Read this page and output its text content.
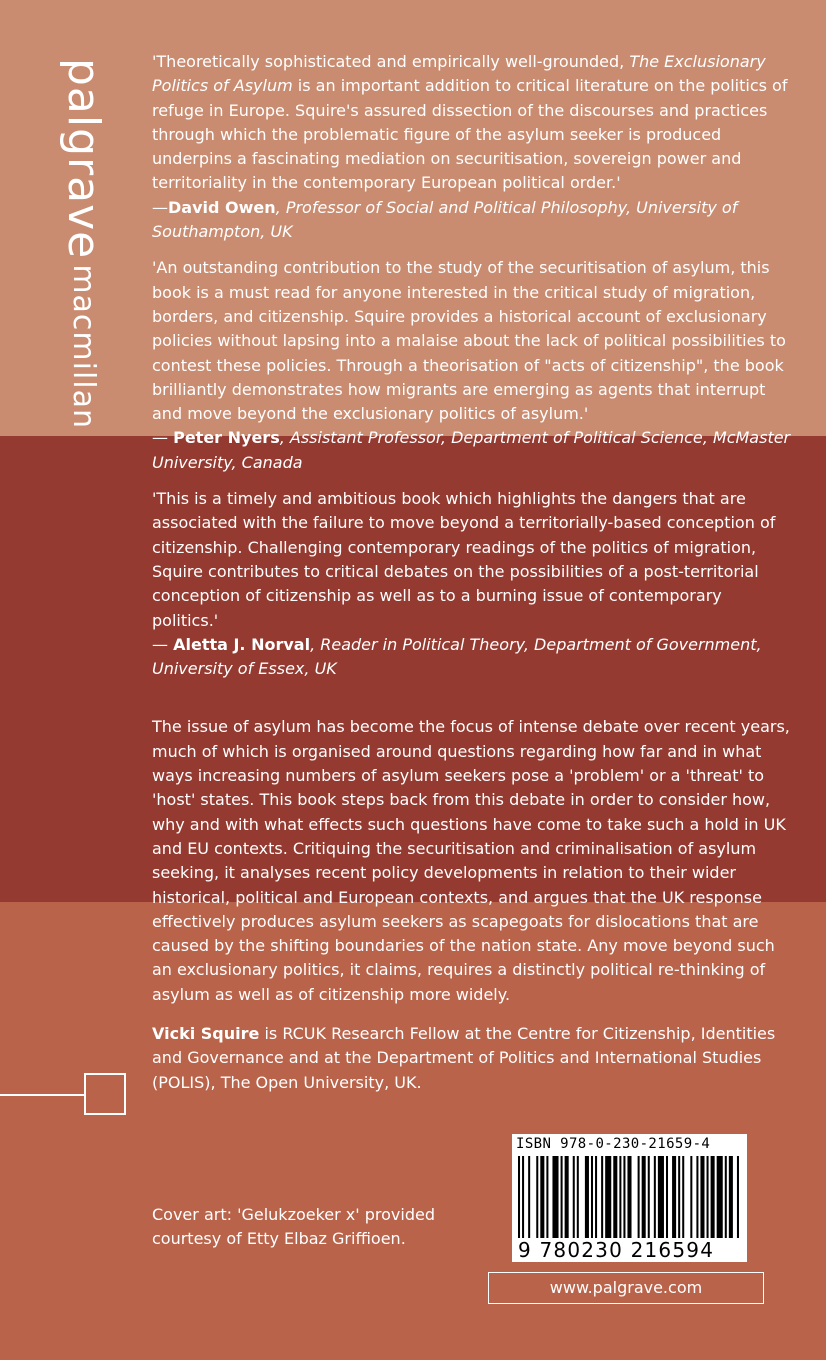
palgrave macmillan

'Theoretically sophisticated and empirically well-grounded, The Exclusionary Politics of Asylum is an important addition to critical literature on the politics of refuge in Europe. Squire's assured dissection of the discourses and practices through which the problematic figure of the asylum seeker is produced underpins a fascinating mediation on securitisation, sovereign power and territoriality in the contemporary European political order.'
—David Owen, Professor of Social and Political Philosophy, University of Southampton, UK

'An outstanding contribution to the study of the securitisation of asylum, this book is a must read for anyone interested in the critical study of migration, borders, and citizenship. Squire provides a historical account of exclusionary policies without lapsing into a malaise about the lack of political possibilities to contest these policies. Through a theorisation of "acts of citizenship", the book brilliantly demonstrates how migrants are emerging as agents that interrupt and move beyond the exclusionary politics of asylum.'
— Peter Nyers, Assistant Professor, Department of Political Science, McMaster University, Canada

'This is a timely and ambitious book which highlights the dangers that are associated with the failure to move beyond a territorially-based conception of citizenship. Challenging contemporary readings of the politics of migration, Squire contributes to critical debates on the possibilities of a post-territorial conception of citizenship as well as to a burning issue of contemporary politics.'
— Aletta J. Norval, Reader in Political Theory, Department of Government, University of Essex, UK

The issue of asylum has become the focus of intense debate over recent years, much of which is organised around questions regarding how far and in what ways increasing numbers of asylum seekers pose a 'problem' or a 'threat' to 'host' states. This book steps back from this debate in order to consider how, why and with what effects such questions have come to take such a hold in UK and EU contexts. Critiquing the securitisation and criminalisation of asylum seeking, it analyses recent policy developments in relation to their wider historical, political and European contexts, and argues that the UK response effectively produces asylum seekers as scapegoats for dislocations that are caused by the shifting boundaries of the nation state. Any move beyond such an exclusionary politics, it claims, requires a distinctly political re-thinking of asylum as well as of citizenship more widely.

Vicki Squire is RCUK Research Fellow at the Centre for Citizenship, Identities and Governance and at the Department of Politics and International Studies (POLIS), The Open University, UK.

Cover art: 'Gelukzoeker x' provided courtesy of Etty Elbaz Griffioen.
ISBN 978-0-230-21659-4
9 780230 216594
www.palgrave.com
